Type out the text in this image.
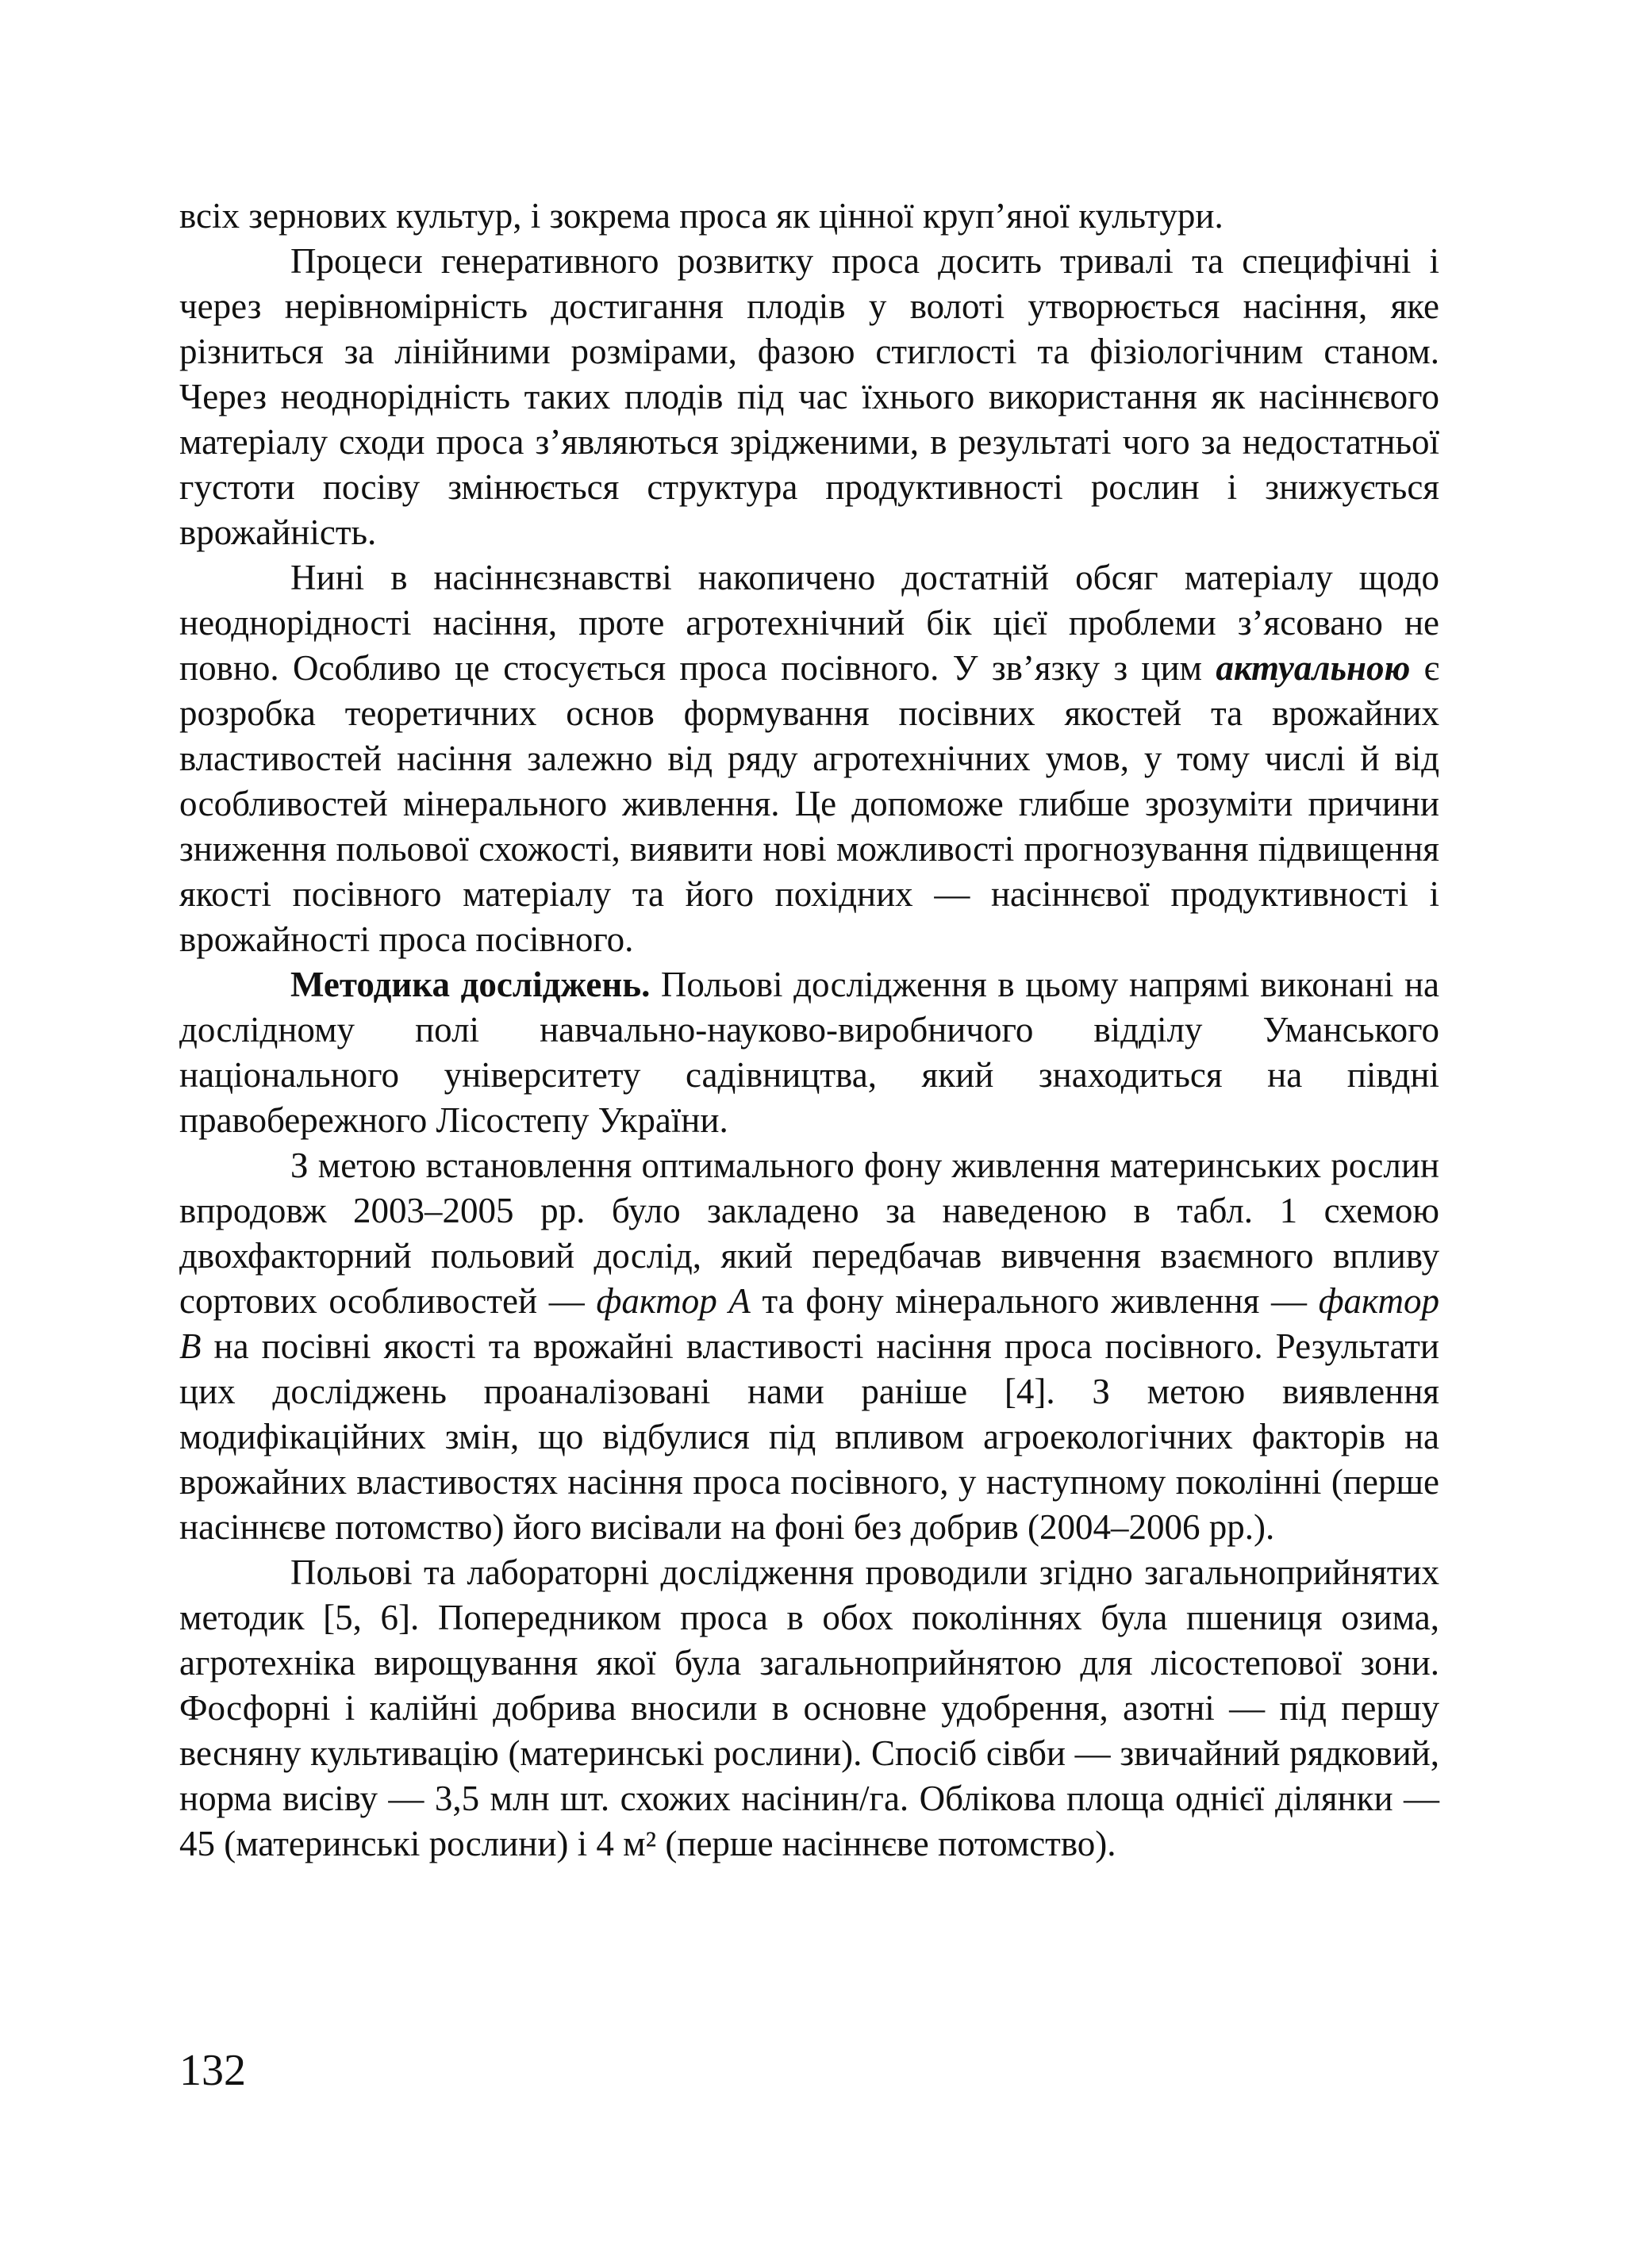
всіх зернових культур, і зокрема проса як цінної круп’яної культури.

Процеси генеративного розвитку проса досить тривалі та специфічні і через нерівномірність достигання плодів у волоті утворюється насіння, яке різниться за лінійними розмірами, фазою стиглості та фізіологічним станом. Через неоднорідність таких плодів під час їхнього використання як насіннєвого матеріалу сходи проса з’являються зрідженими, в результаті чого за недостатньої густоти посіву змінюється структура продуктивності рослин і знижується врожайність.

Нині в насіннєзнавстві накопичено достатній обсяг матеріалу щодо неоднорідності насіння, проте агротехнічний бік цієї проблеми з’ясовано не повно. Особливо це стосується проса посівного. У зв’язку з цим актуальною є розробка теоретичних основ формування посівних якостей та врожайних властивостей насіння залежно від ряду агротехнічних умов, у тому числі й від особливостей мінерального живлення. Це допоможе глибше зрозуміти причини зниження польової схожості, виявити нові можливості прогнозування підвищення якості посівного матеріалу та його похідних — насіннєвої продуктивності і врожайності проса посівного.

Методика досліджень. Польові дослідження в цьому напрямі виконані на дослідному полі навчально-науково-виробничого відділу Уманського національного університету садівництва, який знаходиться на півдні правобережного Лісостепу України.

З метою встановлення оптимального фону живлення материнських рослин впродовж 2003–2005 рр. було закладено за наведеною в табл. 1 схемою двохфакторний польовий дослід, який передбачав вивчення взаємного впливу сортових особливостей — фактор А та фону мінерального живлення — фактор В на посівні якості та врожайні властивості насіння проса посівного. Результати цих досліджень проаналізовані нами раніше [4]. З метою виявлення модифікаційних змін, що відбулися під впливом агроекологічних факторів на врожайних властивостях насіння проса посівного, у наступному поколінні (перше насіннєве потомство) його висівали на фоні без добрив (2004–2006 рр.).

Польові та лабораторні дослідження проводили згідно загальноприйнятих методик [5, 6]. Попередником проса в обох поколіннях була пшениця озима, агротехніка вирощування якої була загальноприйнятою для лісостепової зони. Фосфорні і калійні добрива вносили в основне удобрення, азотні — під першу весняну культивацію (материнські рослини). Спосіб сівби — звичайний рядковий, норма висіву — 3,5 млн шт. схожих насінин/га. Облікова площа однієї ділянки — 45 (материнські рослини) і 4 м² (перше насіннєве потомство).

132
